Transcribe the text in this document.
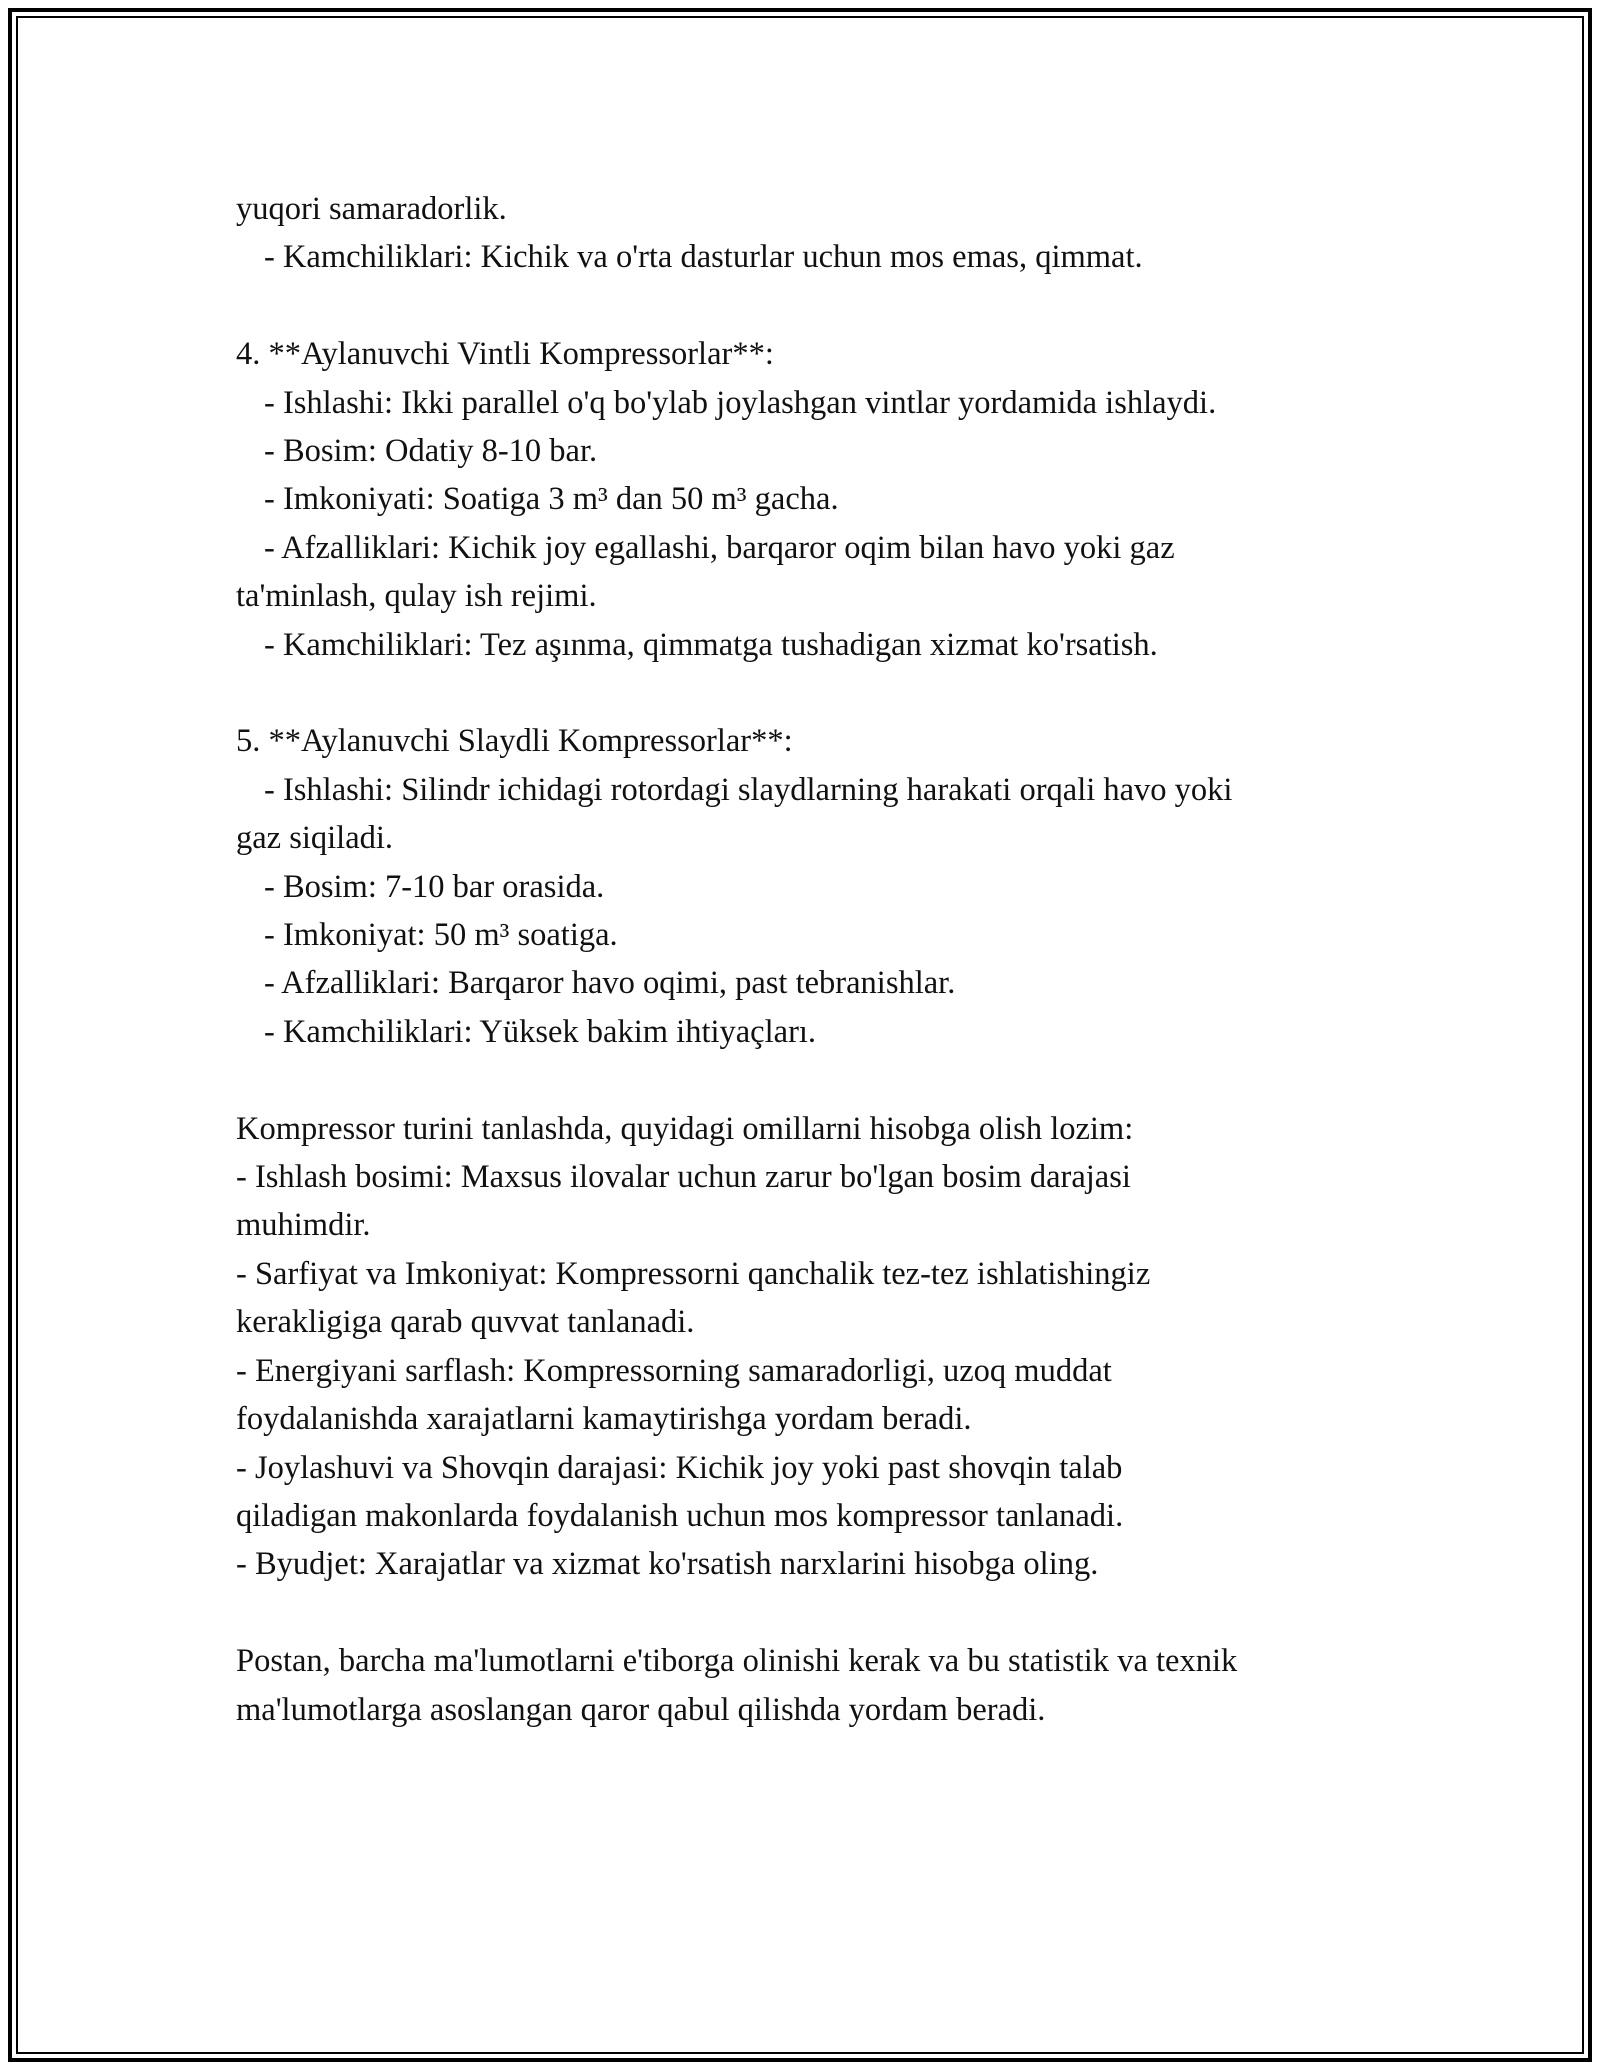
yuqori samaradorlik.

- Kamchiliklari: Kichik va o'rta dasturlar uchun mos emas, qimmat.

4. **Aylanuvchi Vintli Kompressorlar**:

- Ishlashi: Ikki parallel o'q bo'ylab joylashgan vintlar yordamida ishlaydi.

- Bosim: Odatiy 8-10 bar.

- Imkoniyati: Soatiga 3 m³ dan 50 m³ gacha.

- Afzalliklari: Kichik joy egallashi, barqaror oqim bilan havo yoki gaz

ta'minlash, qulay ish rejimi.

- Kamchiliklari: Tez aşınma, qimmatga tushadigan xizmat ko'rsatish.

5. **Aylanuvchi Slaydli Kompressorlar**:

- Ishlashi: Silindr ichidagi rotordagi slaydlarning harakati orqali havo yoki

gaz siqiladi.

- Bosim: 7-10 bar orasida.

- Imkoniyat: 50 m³ soatiga.

- Afzalliklari: Barqaror havo oqimi, past tebranishlar.

- Kamchiliklari: Yüksek bakim ihtiyaçları.

Kompressor turini tanlashda, quyidagi omillarni hisobga olish lozim:

- Ishlash bosimi: Maxsus ilovalar uchun zarur bo'lgan bosim darajasi

muhimdir.

- Sarfiyat va Imkoniyat: Kompressorni qanchalik tez-tez ishlatishingiz

kerakligiga qarab quvvat tanlanadi.

- Energiyani sarflash: Kompressorning samaradorligi, uzoq muddat

foydalanishda xarajatlarni kamaytirishga yordam beradi.

- Joylashuvi va Shovqin darajasi: Kichik joy yoki past shovqin talab

qiladigan makonlarda foydalanish uchun mos kompressor tanlanadi.

- Byudjet: Xarajatlar va xizmat ko'rsatish narxlarini hisobga oling.

Postan, barcha ma'lumotlarni e'tiborga olinishi kerak va bu statistik va texnik

ma'lumotlarga asoslangan qaror qabul qilishda yordam beradi.
